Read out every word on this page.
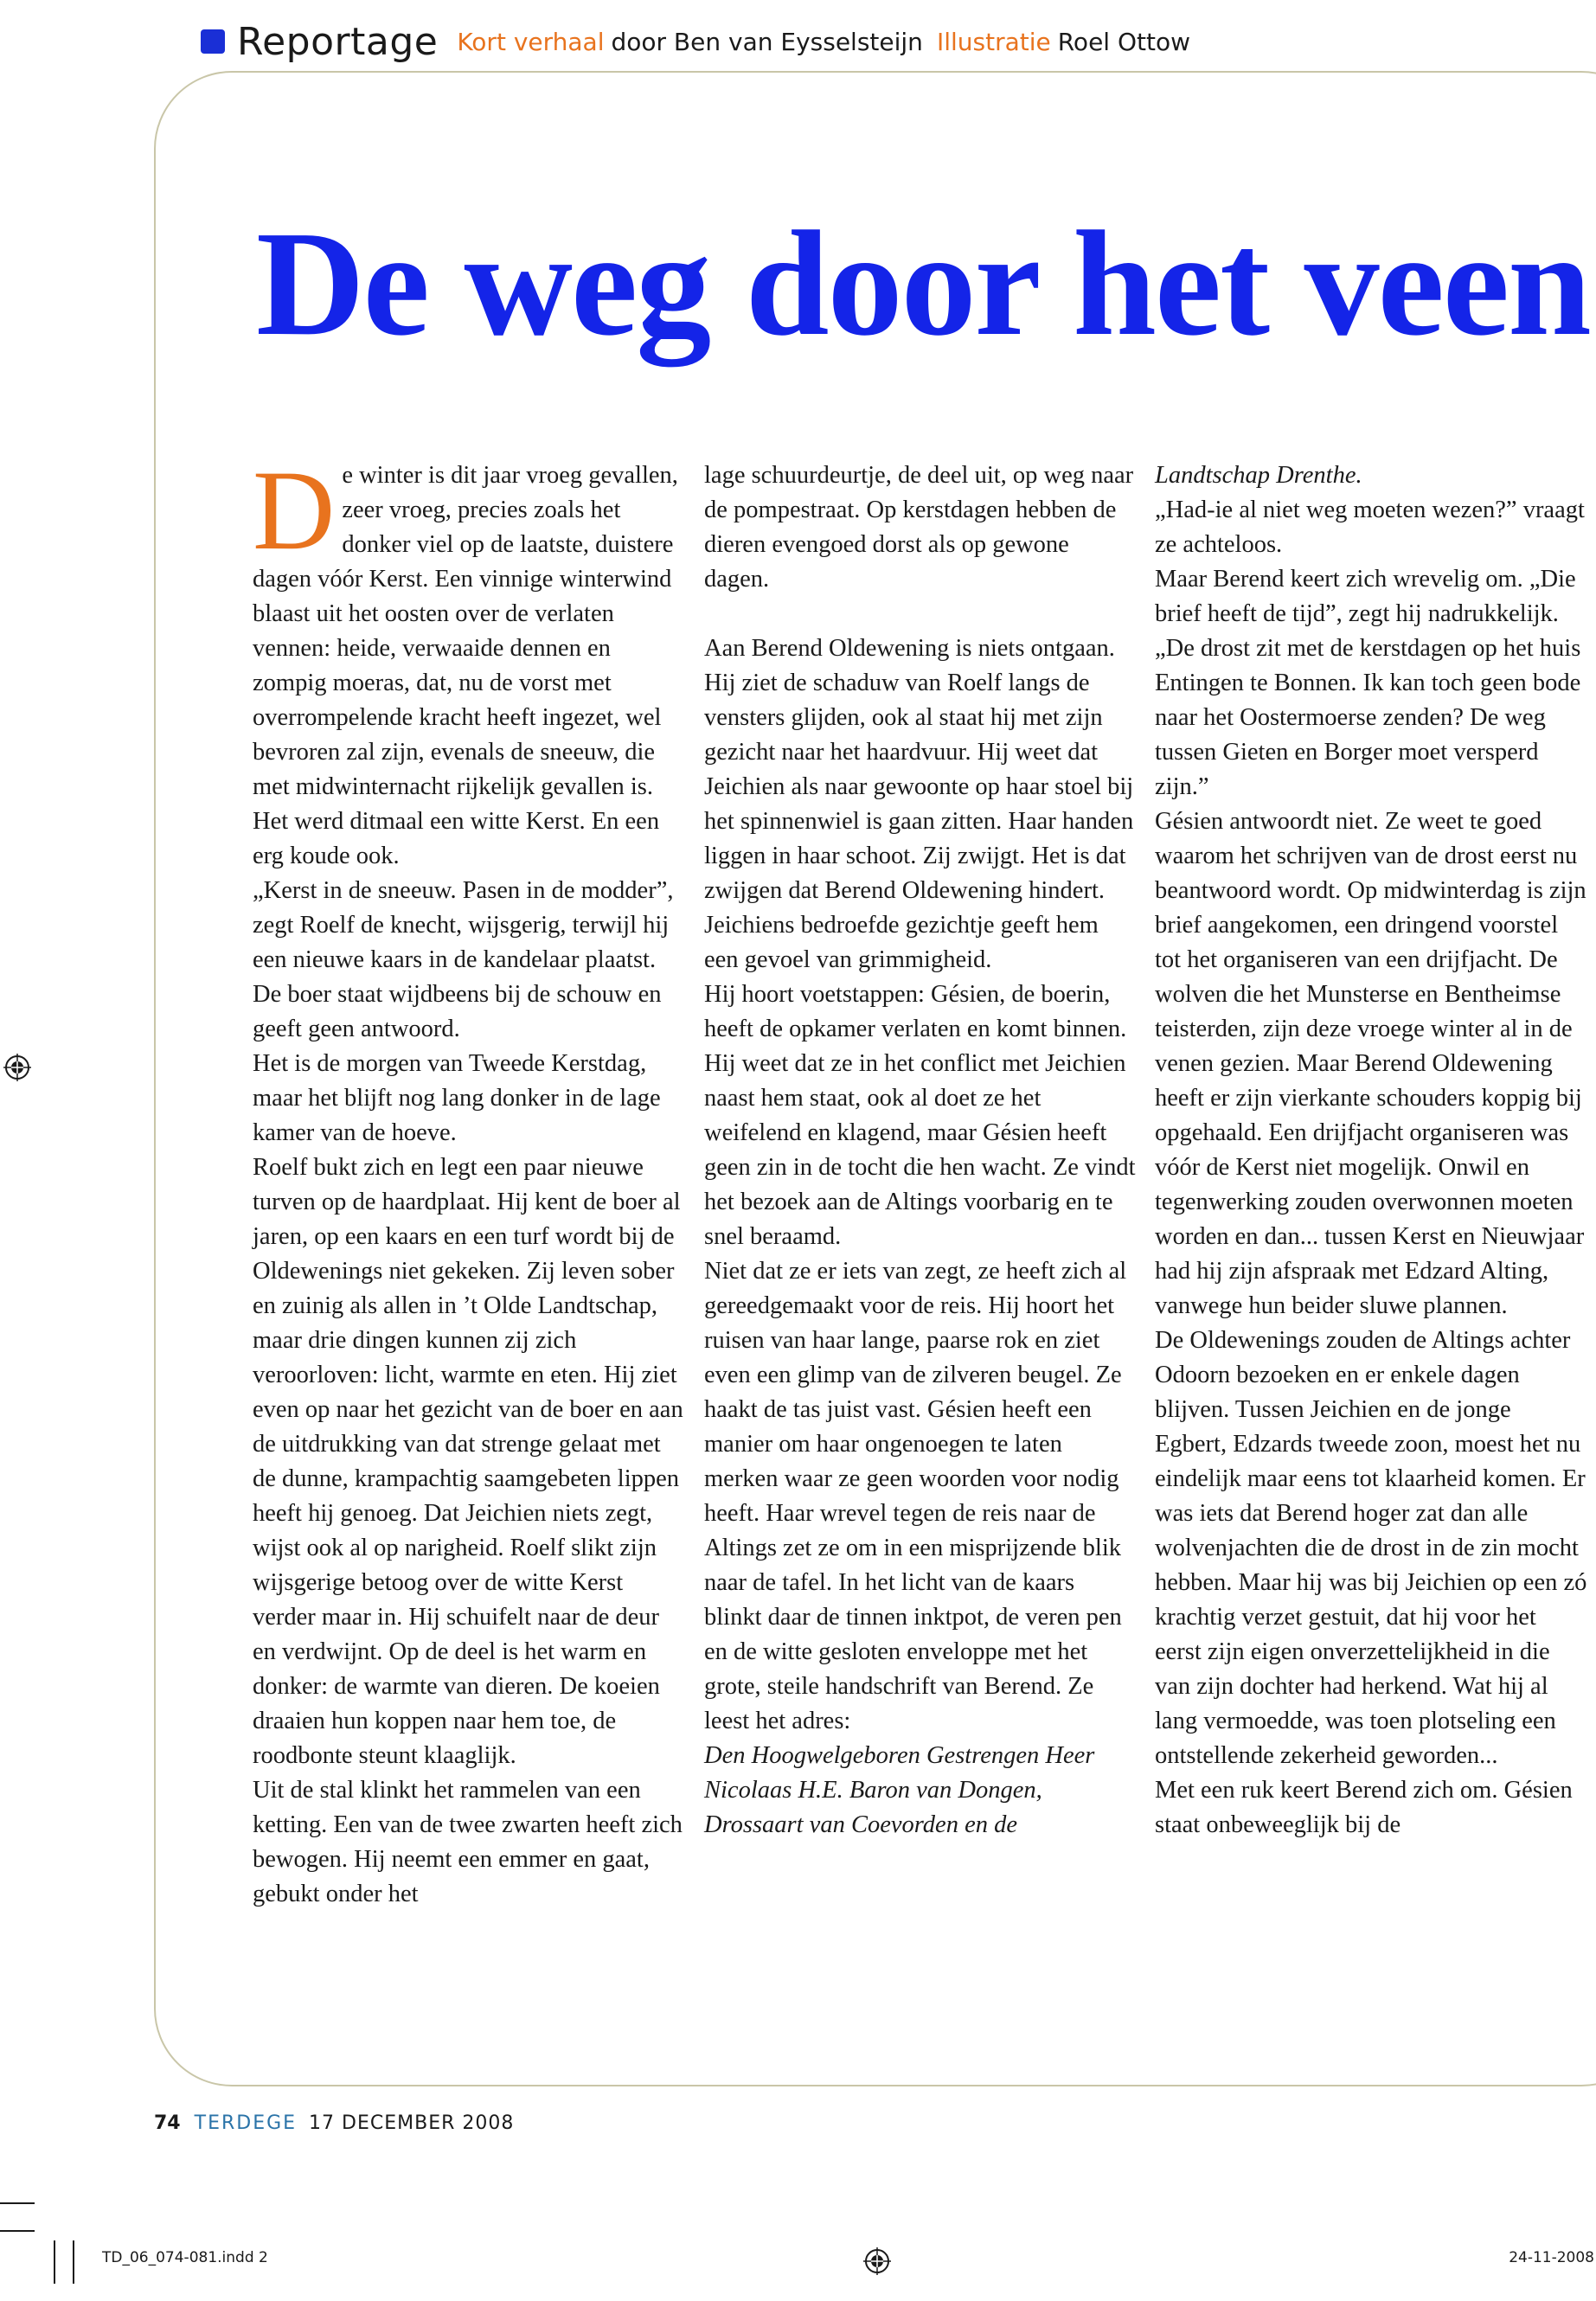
Reportage Kort verhaal door Ben van Eysselsteijn Illustratie Roel Ottow
De weg door het veen

De winter is dit jaar vroeg gevallen, zeer vroeg, precies zoals het donker viel op de laatste, duistere dagen vóór Kerst. Een vinnige winterwind blaast uit het oosten over de verlaten vennen: heide, verwaaide dennen en zompig moeras, dat, nu de vorst met overrompelende kracht heeft ingezet, wel bevroren zal zijn, evenals de sneeuw, die met midwinternacht rijkelijk gevallen is. Het werd ditmaal een witte Kerst. En een erg koude ook.

„Kerst in de sneeuw. Pasen in de modder”, zegt Roelf de knecht, wijsgerig, terwijl hij een nieuwe kaars in de kandelaar plaatst. De boer staat wijdbeens bij de schouw en geeft geen antwoord.

Het is de morgen van Tweede Kerstdag, maar het blijft nog lang donker in de lage kamer van de hoeve.

Roelf bukt zich en legt een paar nieuwe turven op de haardplaat. Hij kent de boer al jaren, op een kaars en een turf wordt bij de Oldewenings niet gekeken. Zij leven sober en zuinig als allen in ’t Olde Landtschap, maar drie dingen kunnen zij zich veroorloven: licht, warmte en eten. Hij ziet even op naar het gezicht van de boer en aan de uitdrukking van dat strenge gelaat met de dunne, krampachtig saamgebeten lippen heeft hij genoeg. Dat Jeichien niets zegt, wijst ook al op narigheid. Roelf slikt zijn wijsgerige betoog over de witte Kerst verder maar in. Hij schuifelt naar de deur en verdwijnt. Op de deel is het warm en donker: de warmte van dieren. De koeien draaien hun koppen naar hem toe, de roodbonte steunt klaaglijk.

Uit de stal klinkt het rammelen van een ketting. Een van de twee zwarten heeft zich bewogen. Hij neemt een emmer en gaat, gebukt onder het

lage schuurdeurtje, de deel uit, op weg naar de pompestraat. Op kerstdagen hebben de dieren evengoed dorst als op gewone dagen.

Aan Berend Oldewening is niets ontgaan. Hij ziet de schaduw van Roelf langs de vensters glijden, ook al staat hij met zijn gezicht naar het haardvuur. Hij weet dat Jeichien als naar gewoonte op haar stoel bij het spinnenwiel is gaan zitten. Haar handen liggen in haar schoot. Zij zwijgt. Het is dat zwijgen dat Berend Oldewening hindert. Jeichiens bedroefde gezichtje geeft hem een gevoel van grimmigheid.

Hij hoort voetstappen: Gésien, de boerin, heeft de opkamer verlaten en komt binnen. Hij weet dat ze in het conflict met Jeichien naast hem staat, ook al doet ze het weifelend en klagend, maar Gésien heeft geen zin in de tocht die hen wacht. Ze vindt het bezoek aan de Altings voorbarig en te snel beraamd.

Niet dat ze er iets van zegt, ze heeft zich al gereedgemaakt voor de reis. Hij hoort het ruisen van haar lange, paarse rok en ziet even een glimp van de zilveren beugel. Ze haakt de tas juist vast. Gésien heeft een manier om haar ongenoegen te laten merken waar ze geen woorden voor nodig heeft. Haar wrevel tegen de reis naar de Altings zet ze om in een misprijzende blik naar de tafel. In het licht van de kaars blinkt daar de tinnen inktpot, de veren pen en de witte gesloten enveloppe met het grote, steile handschrift van Berend. Ze leest het adres:

Den Hoogwelgeboren Gestrengen Heer

Nicolaas H.E. Baron van Dongen, Drossaart van Coevorden en de

Landtschap Drenthe.

„Had-ie al niet weg moeten wezen?” vraagt ze achteloos.

Maar Berend keert zich wrevelig om. „Die brief heeft de tijd”, zegt hij nadrukkelijk. „De drost zit met de kerstdagen op het huis Entingen te Bonnen. Ik kan toch geen bode naar het Oostermoerse zenden? De weg tussen Gieten en Borger moet versperd zijn.”

Gésien antwoordt niet. Ze weet te goed waarom het schrijven van de drost eerst nu beantwoord wordt. Op midwinterdag is zijn brief aangekomen, een dringend voorstel tot het organiseren van een drijfjacht. De wolven die het Munsterse en Bentheimse teisterden, zijn deze vroege winter al in de venen gezien. Maar Berend Oldewening heeft er zijn vierkante schouders koppig bij opgehaald. Een drijfjacht organiseren was vóór de Kerst niet mogelijk. Onwil en tegenwerking zouden overwonnen moeten worden en dan... tussen Kerst en Nieuwjaar had hij zijn afspraak met Edzard Alting, vanwege hun beider sluwe plannen.

De Oldewenings zouden de Altings achter Odoorn bezoeken en er enkele dagen blijven. Tussen Jeichien en de jonge Egbert, Edzards tweede zoon, moest het nu eindelijk maar eens tot klaarheid komen. Er was iets dat Berend hoger zat dan alle wolvenjachten die de drost in de zin mocht hebben. Maar hij was bij Jeichien op een zó krachtig verzet gestuit, dat hij voor het eerst zijn eigen onverzettelijkheid in die van zijn dochter had herkend. Wat hij al lang vermoedde, was toen plotseling een ontstellende zekerheid geworden...

Met een ruk keert Berend zich om. Gésien staat onbeweeglijk bij de

74 TERDEGE 17 DECEMBER 2008
TD_06_074-081.indd 2	24-11-2008
